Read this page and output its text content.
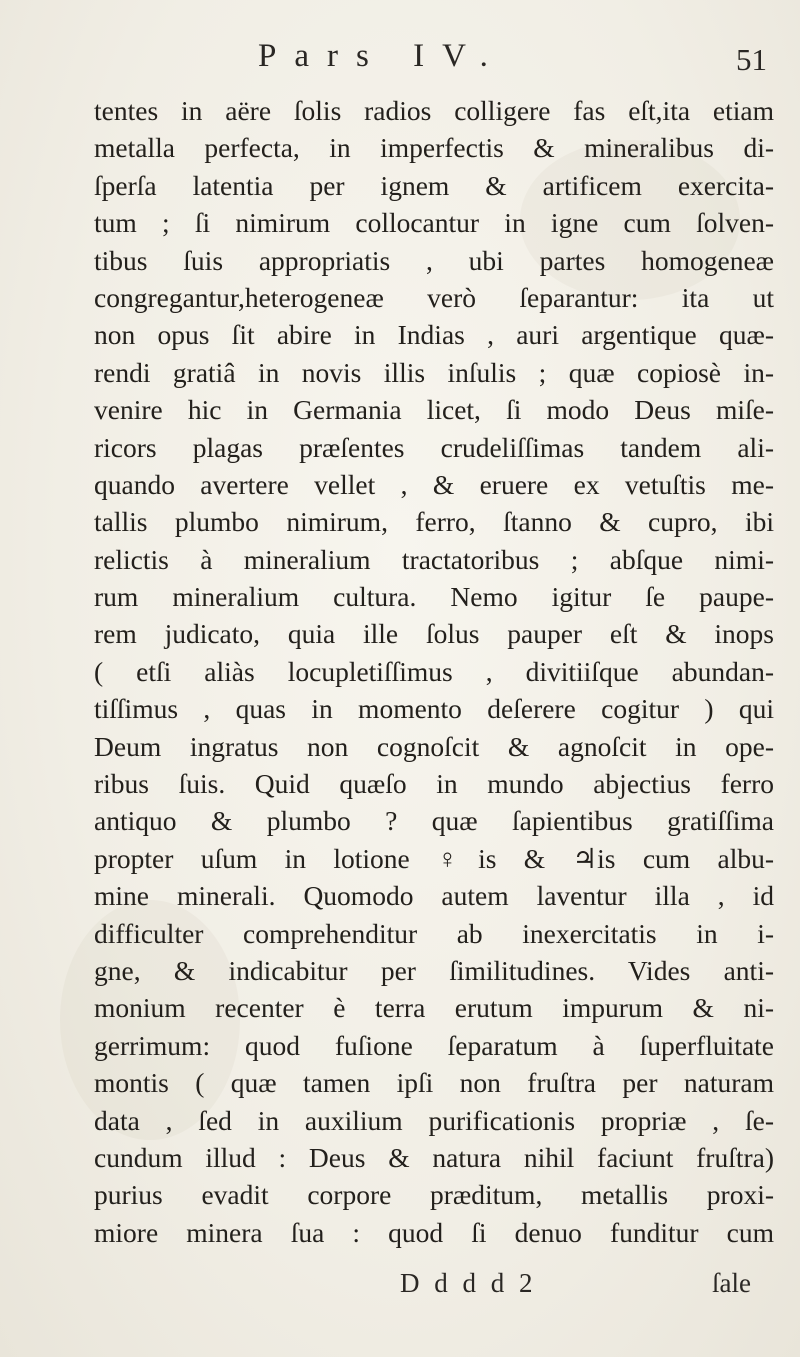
Pars IV.	51
tentes in aëre ſolis radios colligere fas eſt,ita etiam
metalla perfecta, in imperfectis & mineralibus di-
ſperſa latentia per ignem & artificem exercita-
tum ; ſi nimirum collocantur in igne cum ſolven-
tibus ſuis appropriatis , ubi partes homogeneæ
congregantur,heterogeneæ verò ſeparantur: ita ut
non opus ſit abire in Indias , auri argentique quæ-
rendi gratiâ in novis illis inſulis ; quæ copiosè in-
venire hic in Germania licet, ſi modo Deus miſe-
ricors plagas præſentes crudeliſſimas tandem ali-
quando avertere vellet , & eruere ex vetuſtis me-
tallis plumbo nimirum, ferro, ſtanno & cupro, ibi
relictis à mineralium tractatoribus ; abſque nimi-
rum mineralium cultura. Nemo igitur ſe paupe-
rem judicato, quia ille ſolus pauper eſt & inops
( etſi aliàs locupletiſſimus , divitiiſque abundan-
tiſſimus , quas in momento deſerere cogitur ) qui
Deum ingratus non cognoſcit & agnoſcit in ope-
ribus ſuis. Quid quæſo in mundo abjectius ferro
antiquo & plumbo ? quæ ſapientibus gratiſſima
propter uſum in lotione ♀is & ♃is cum albu-
mine minerali. Quomodo autem laventur illa , id
difficulter comprehenditur ab inexercitatis in i-
gne, & indicabitur per ſimilitudines. Vides anti-
monium recenter è terra erutum impurum & ni-
gerrimum: quod fuſione ſeparatum à ſuperfluitate
montis ( quæ tamen ipſi non fruſtra per naturam
data , ſed in auxilium purificationis propriæ , ſe-
cundum illud : Deus & natura nihil faciunt fruſtra)
purius evadit corpore præditum, metallis proxi-
miore minera ſua : quod ſi denuo funditur cum
D d d d 2	ſale
